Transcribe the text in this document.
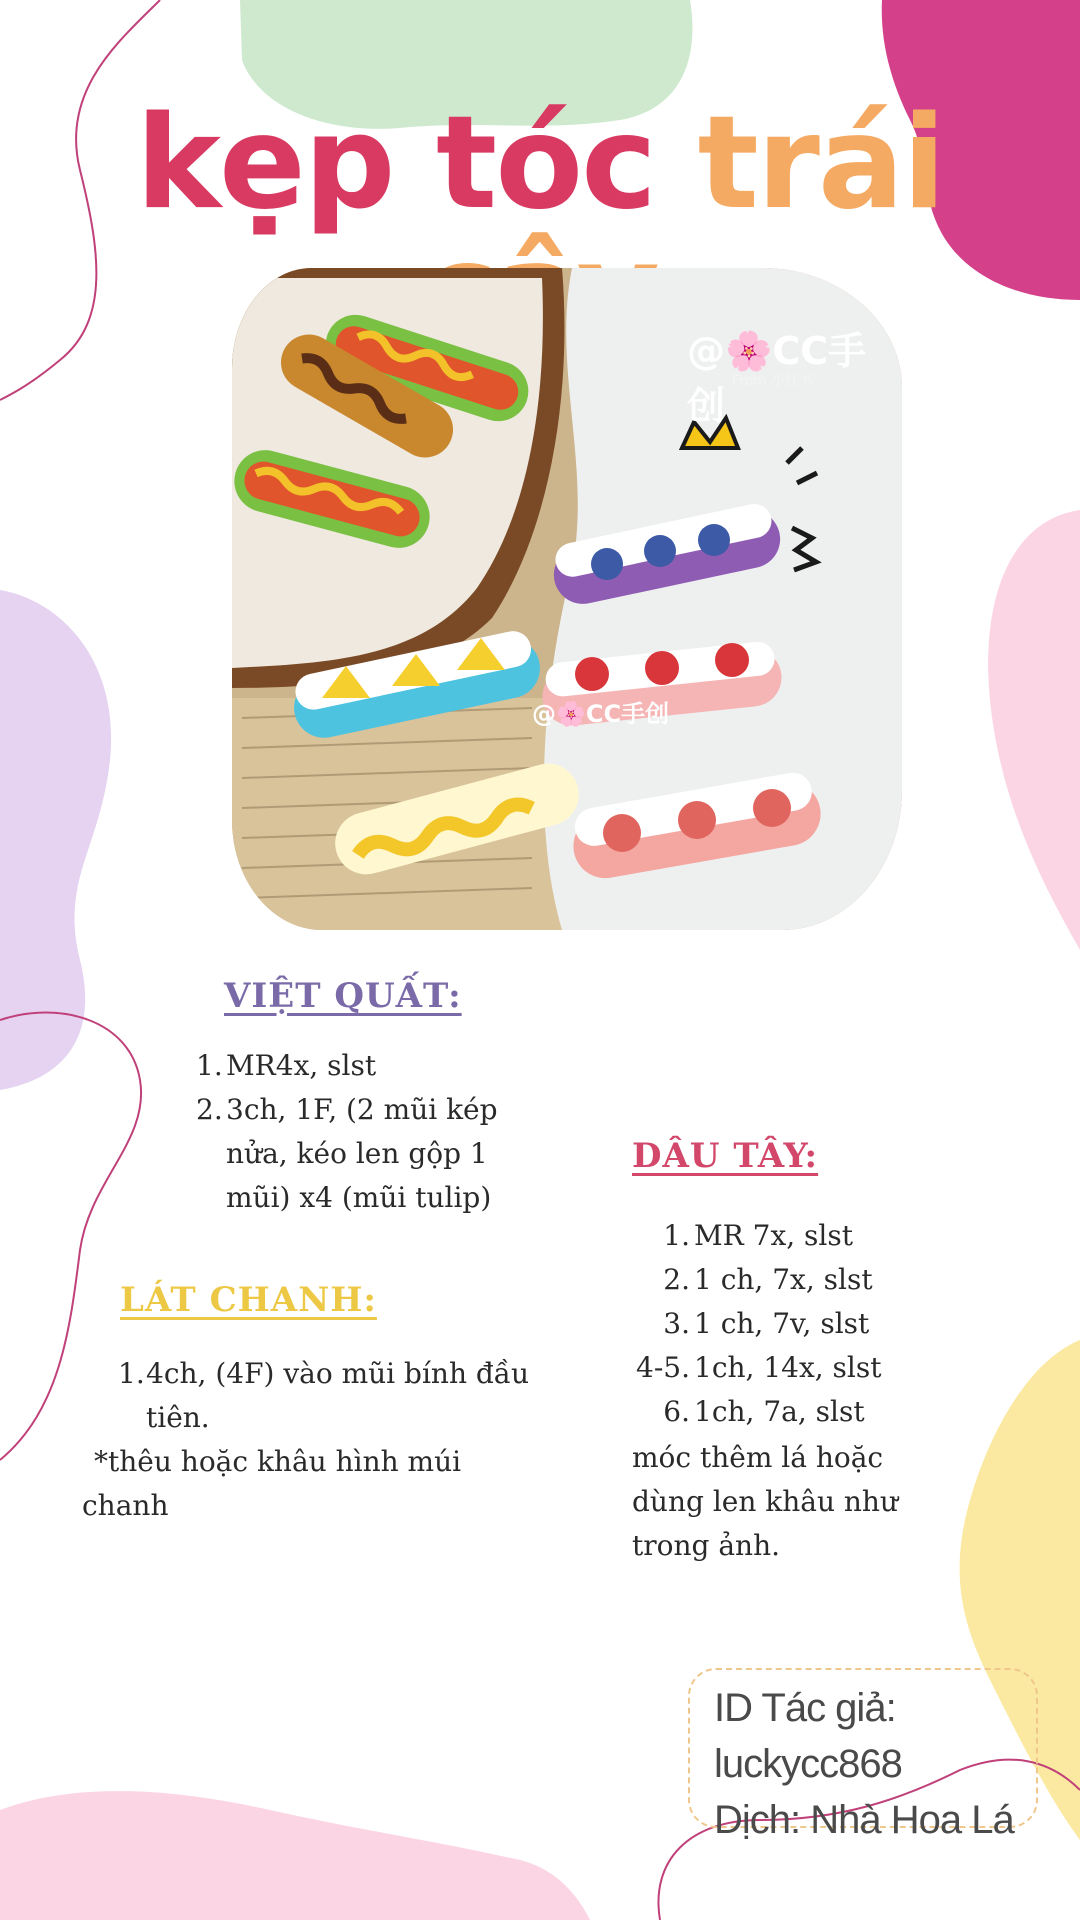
kẹp tóc trái
@🌸CC手创
From 小红书
@🌸CC手创
VIỆT QUẤT:
1. MR4x, slst
2. 3ch, 1F, (2 mũi kép nửa, kéo len gộp 1 mũi) x4 (mũi tulip)
LÁT CHANH:
1. 4ch, (4F) vào mũi bính đầu tiên.
*thêu hoặc khâu hình múi chanh
DÂU TÂY:
1. MR 7x, slst
2. 1 ch, 7x, slst
3. 1 ch, 7v, slst
4-5. 1ch, 14x, slst
6. 1ch, 7a, slst
móc thêm lá hoặc dùng len khâu như trong ảnh.
ID Tác giả: luckycc868
Dịch: Nhà Hoa Lá
